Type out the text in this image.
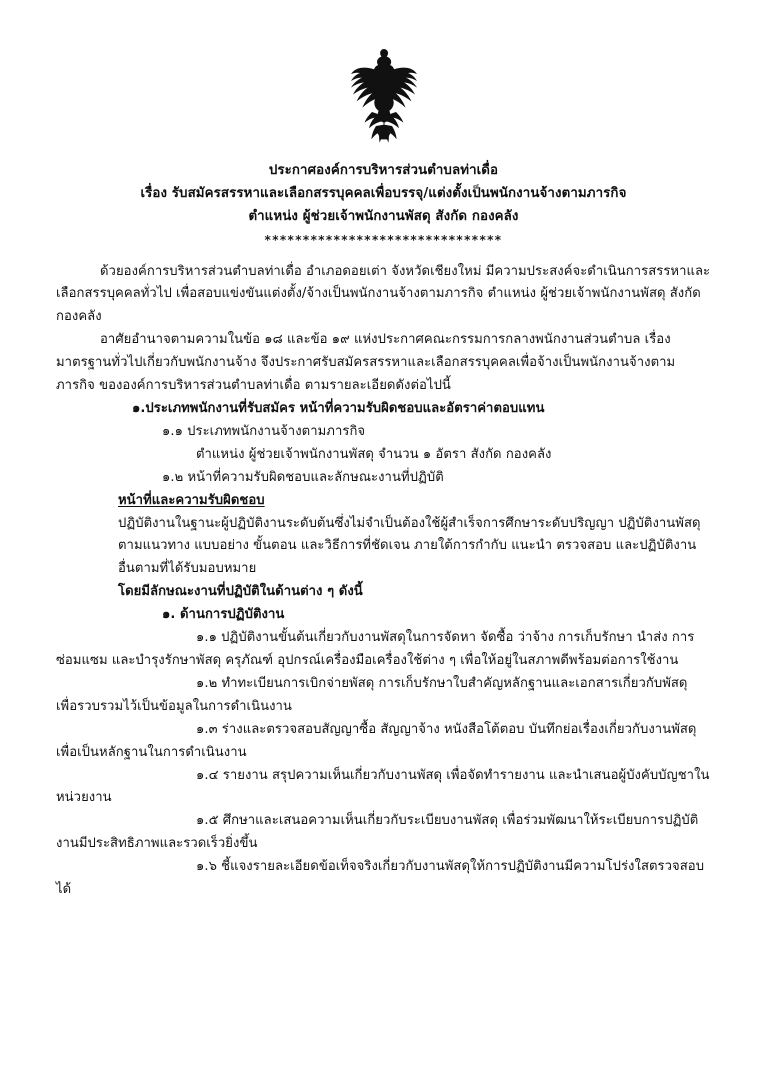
ประกาศองค์การบริหารส่วนตำบลท่าเดื่อ
เรื่อง รับสมัครสรรหาและเลือกสรรบุคคลเพื่อบรรจุ/แต่งตั้งเป็นพนักงานจ้างตามภารกิจ
ตำแหน่ง ผู้ช่วยเจ้าพนักงานพัสดุ สังกัด กองคลัง
*******************************

ด้วยองค์การบริหารส่วนตำบลท่าเดื่อ อำเภอดอยเต่า จังหวัดเชียงใหม่ มีความประสงค์จะดำเนินการสรรหาและเลือกสรรบุคคลทั่วไป เพื่อสอบแข่งขันแต่งตั้ง/จ้างเป็นพนักงานจ้างตามภารกิจ ตำแหน่ง ผู้ช่วยเจ้าพนักงานพัสดุ สังกัด กองคลัง

อาศัยอำนาจตามความในข้อ ๑๘ และข้อ ๑๙ แห่งประกาศคณะกรรมการกลางพนักงานส่วนตำบล เรื่องมาตรฐานทั่วไปเกี่ยวกับพนักงานจ้าง จึงประกาศรับสมัครสรรหาและเลือกสรรบุคคลเพื่อจ้างเป็นพนักงานจ้างตามภารกิจ ขององค์การบริหารส่วนตำบลท่าเดื่อ ตามรายละเอียดดังต่อไปนี้

๑.ประเภทพนักงานที่รับสมัคร หน้าที่ความรับผิดชอบและอัตราค่าตอบแทน

๑.๑ ประเภทพนักงานจ้างตามภารกิจ

ตำแหน่ง ผู้ช่วยเจ้าพนักงานพัสดุ จำนวน ๑ อัตรา สังกัด กองคลัง

๑.๒ หน้าที่ความรับผิดชอบและลักษณะงานที่ปฏิบัติ

หน้าที่และความรับผิดชอบ

ปฏิบัติงานในฐานะผู้ปฏิบัติงานระดับต้นซึ่งไม่จำเป็นต้องใช้ผู้สำเร็จการศึกษาระดับปริญญา ปฏิบัติงานพัสดุ ตามแนวทาง แบบอย่าง ขั้นตอน และวิธีการที่ชัดเจน ภายใต้การกำกับ แนะนำ ตรวจสอบ และปฏิบัติงานอื่นตามที่ได้รับมอบหมาย

โดยมีลักษณะงานที่ปฏิบัติในด้านต่าง ๆ ดังนี้

๑. ด้านการปฏิบัติงาน

๑.๑ ปฏิบัติงานขั้นต้นเกี่ยวกับงานพัสดุในการจัดหา จัดซื้อ ว่าจ้าง การเก็บรักษา นำส่ง การซ่อมแซม และบำรุงรักษาพัสดุ ครุภัณฑ์ อุปกรณ์เครื่องมือเครื่องใช้ต่าง ๆ เพื่อให้อยู่ในสภาพดีพร้อมต่อการใช้งาน

๑.๒ ทำทะเบียนการเบิกจ่ายพัสดุ การเก็บรักษาใบสำคัญหลักฐานและเอกสารเกี่ยวกับพัสดุ เพื่อรวบรวมไว้เป็นข้อมูลในการดำเนินงาน

๑.๓ ร่างและตรวจสอบสัญญาซื้อ สัญญาจ้าง หนังสือโต้ตอบ บันทึกย่อเรื่องเกี่ยวกับงานพัสดุ เพื่อเป็นหลักฐานในการดำเนินงาน

๑.๔ รายงาน สรุปความเห็นเกี่ยวกับงานพัสดุ เพื่อจัดทำรายงาน และนำเสนอผู้บังคับบัญชาในหน่วยงาน

๑.๕ ศึกษาและเสนอความเห็นเกี่ยวกับระเบียบงานพัสดุ เพื่อร่วมพัฒนาให้ระเบียบการปฏิบัติงานมีประสิทธิภาพและรวดเร็วยิ่งขึ้น

๑.๖ ชี้แจงรายละเอียดข้อเท็จจริงเกี่ยวกับงานพัสดุให้การปฏิบัติงานมีความโปร่งใสตรวจสอบได้
